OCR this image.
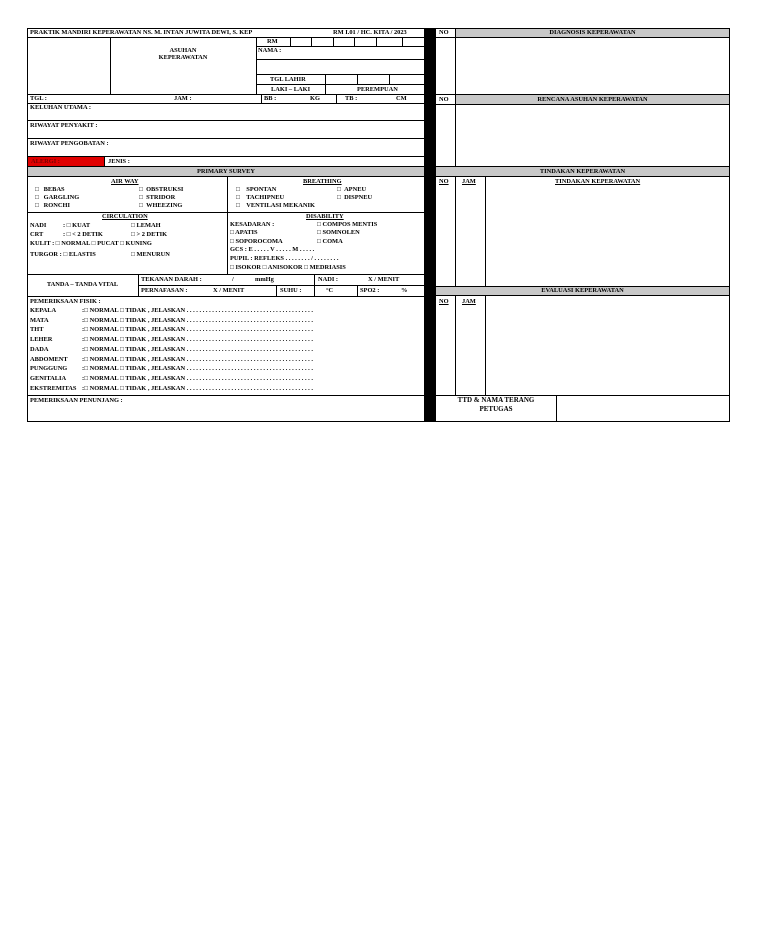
PRAKTIK MANDIRI KEPERAWATAN NS. M. INTAN JUWITA DEWI, S. KEP	RM I.01 / HC. KITA / 2023
ASUHAN
KEPERAWATAN
RM
NAMA :
TGL LAHIR
LAKI – LAKI	PEREMPUAN
TGL :	JAM :	BB :	KG	TB :	CM
KELUHAN UTAMA :
RIWAYAT PENYAKIT :
RIWAYAT PENGOBATAN :
ALERGI :	JENIS :
PRIMARY SURVEY
AIR WAY
□   BEBAS
□   GARGLING
□   RONCHI
□  OBSTRUKSI
□  STRIDOR
□  WHEEZING
BREATHING
□    SPONTAN
□    TACHIPNEU
□    VENTILASI MEKANIK
□  APNEU
□  DISPNEU
CIRCULATION
NADI	: □ KUAT	□ LEMAH
CRT	: □ < 2 DETIK	□ > 2 DETIK
KULIT : □ NORMAL □ PUCAT □ KUNING
TURGOR : □ ELASTIS	□ MENURUN
DISABILITY
KESADARAN :	□ COMPOS MENTIS
□ APATIS	□ SOMNOLEN
□ SOPOROCOMA	□ COMA
GCS : E . . . . . V . . . . . M . . . . .
PUPIL : REFLEKS . . . . . . . . / . . . . . . . .
□ ISOKOR □ ANISOKOR □ MEDRIASIS
TANDA – TANDA VITAL
TEKANAN DARAH :	/	mmHg	NADI :	X / MENIT
PERNAFASAN :	X / MENIT	SUHU :	°C	SPO2 :	%
PEMERIKSAAN FISIK :
KEPALA	:□ NORMAL □ TIDAK , JELASKAN . . . . . . . . . . . . . . . . . . . . . . . . . . . . . . . . . . . . . . . .
MATA	:□ NORMAL □ TIDAK , JELASKAN . . . . . . . . . . . . . . . . . . . . . . . . . . . . . . . . . . . . . . . .
THT	:□ NORMAL □ TIDAK , JELASKAN . . . . . . . . . . . . . . . . . . . . . . . . . . . . . . . . . . . . . . . .
LEHER	:□ NORMAL □ TIDAK , JELASKAN . . . . . . . . . . . . . . . . . . . . . . . . . . . . . . . . . . . . . . . .
DADA	:□ NORMAL □ TIDAK , JELASKAN . . . . . . . . . . . . . . . . . . . . . . . . . . . . . . . . . . . . . . . .
ABDOMENT :□ NORMAL □ TIDAK , JELASKAN . . . . . . . . . . . . . . . . . . . . . . . . . . . . . . . . . . . . . . . .
PUNGGUNG :□ NORMAL □ TIDAK , JELASKAN . . . . . . . . . . . . . . . . . . . . . . . . . . . . . . . . . . . . . . . .
GENITALIA :□ NORMAL □ TIDAK , JELASKAN . . . . . . . . . . . . . . . . . . . . . . . . . . . . . . . . . . . . . . . .
EKSTREMITAS :□ NORMAL □ TIDAK , JELASKAN . . . . . . . . . . . . . . . . . . . . . . . . . . . . . . . . . . . . . . . .
PEMERIKSAAN PENUNJANG :
NO	DIAGNOSIS KEPERAWATAN
NO	RENCANA ASUHAN KEPERAWATAN
TINDAKAN KEPERAWATAN
NO JAM	TINDAKAN KEPERAWATAN
EVALUASI KEPERAWATAN
NO JAM
TTD & NAMA TERANG
PETUGAS
